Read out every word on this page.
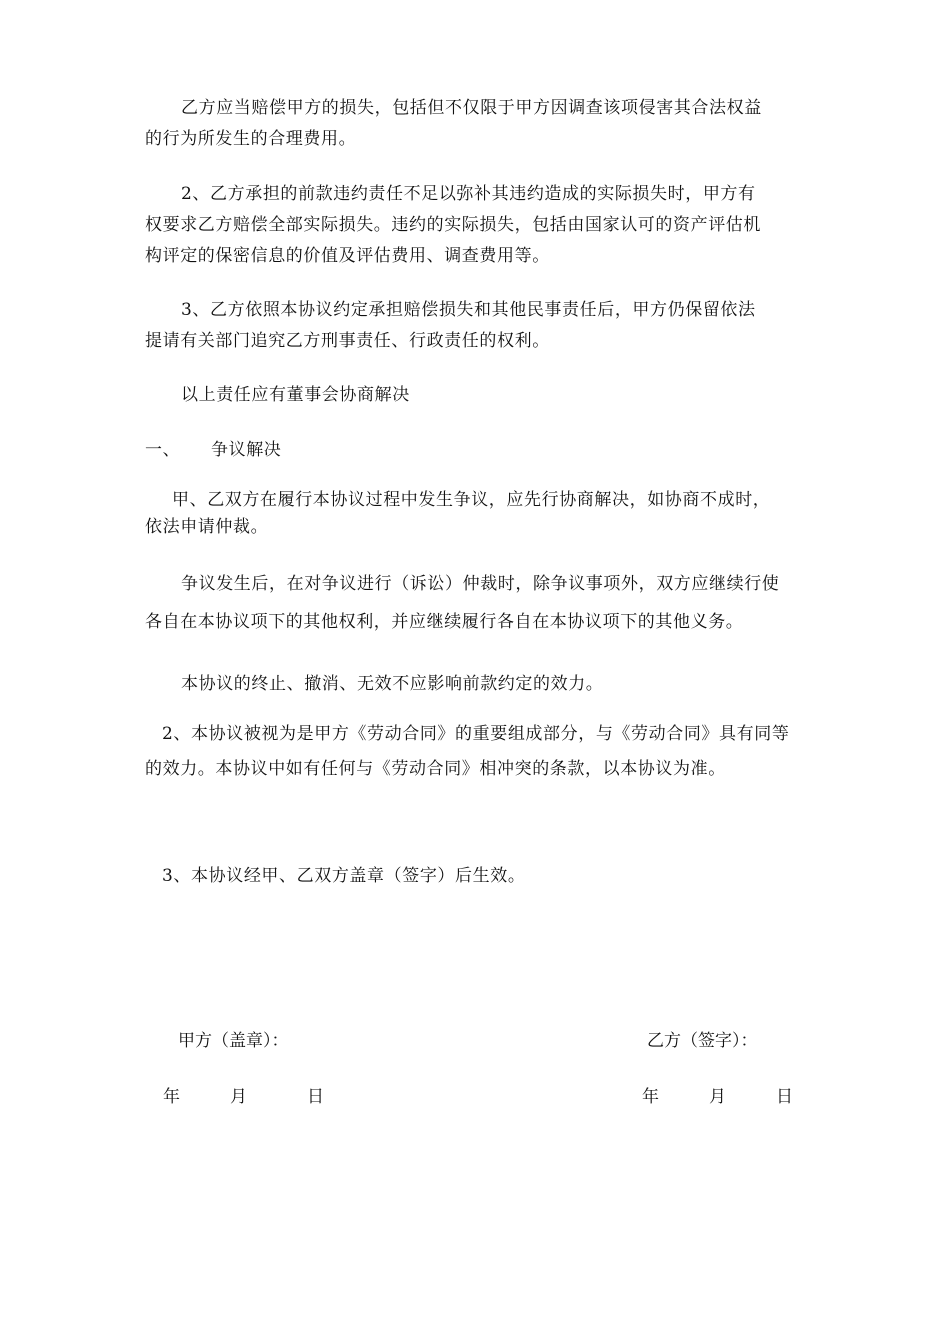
乙方应当赔偿甲方的损失，包括但不仅限于甲方因调查该项侵害其合法权益
的行为所发生的合理费用。
2、乙方承担的前款违约责任不足以弥补其违约造成的实际损失时，甲方有
权要求乙方赔偿全部实际损失。违约的实际损失，包括由国家认可的资产评估机
构评定的保密信息的价值及评估费用、调查费用等。
3、乙方依照本协议约定承担赔偿损失和其他民事责任后，甲方仍保留依法
提请有关部门追究乙方刑事责任、行政责任的权利。
以上责任应有董事会协商解决
一、 争议解决
甲、乙双方在履行本协议过程中发生争议，应先行协商解决，如协商不成时，
依法申请仲裁。
争议发生后，在对争议进行（诉讼）仲裁时，除争议事项外，双方应继续行使
各自在本协议项下的其他权利，并应继续履行各自在本协议项下的其他义务。
本协议的终止、撤消、无效不应影响前款约定的效力。
2、本协议被视为是甲方《劳动合同》的重要组成部分，与《劳动合同》具有同等
的效力。本协议中如有任何与《劳动合同》相冲突的条款，以本协议为准。
3、本协议经甲、乙双方盖章（签字）后生效。
甲方（盖章）：
年	月	日
乙方（签字）：
年	月	日
